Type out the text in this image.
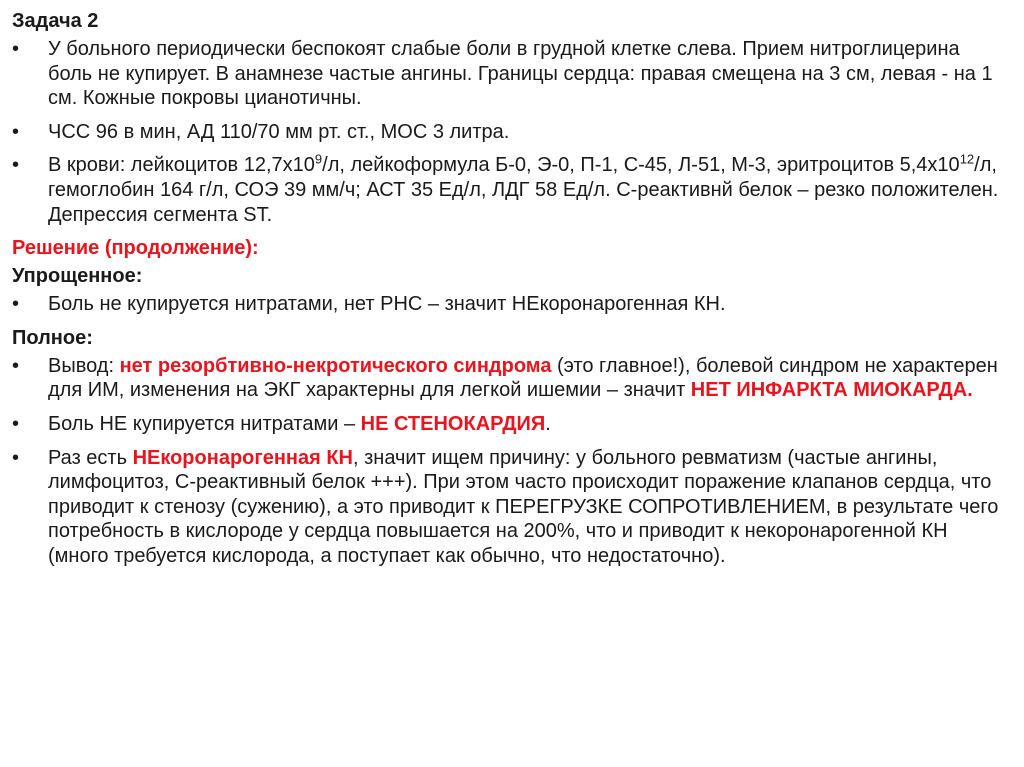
Задача 2
• У больного периодически беспокоят слабые боли в грудной клетке слева. Прием нитроглицерина боль не купирует. В анамнезе частые ангины. Границы сердца: правая смещена на 3 см, левая - на 1 см. Кожные покровы цианотичны.
• ЧСС 96 в мин, АД 110/70 мм рт. ст., МОС 3 литра.
• В крови: лейкоцитов $12,7х10^9/л$, лейкоформула Б-0, Э-0, П-1, С-45, Л-51, М-3, эритроцитов $5,4х10^{12}/л$, гемоглобин 164 г/л, СОЭ 39 мм/ч; АСТ 35 Ед/л, ЛДГ 58 Ед/л. С-реактивнй белок – резко положителен. Депрессия сегмента ST.
Решение (продолжение):
Упрощенное:
• Боль не купируется нитратами, нет РНС – значит НЕкоронарогенная КН.
Полное:
• Вывод: нет резорбтивно-некротического синдрома (это главное!), болевой синдром не характерен для ИМ, изменения на ЭКГ характерны для легкой ишемии – значит НЕТ ИНФАРКТА МИОКАРДА.
• Боль НЕ купируется нитратами – НЕ СТЕНОКАРДИЯ.
• Раз есть НЕкоронарогенная КН, значит ищем причину: у больного ревматизм (частые ангины, лимфоцитоз, С-реактивный белок +++). При этом часто происходит поражение клапанов сердца, что приводит к стенозу (сужению), а это приводит к ПЕРЕГРУЗКЕ СОПРОТИВЛЕНИЕМ, в результате чего потребность в кислороде у сердца повышается на 200%, что и приводит к некоронарогенной КН (много требуется кислорода, а поступает как обычно, что недостаточно).
